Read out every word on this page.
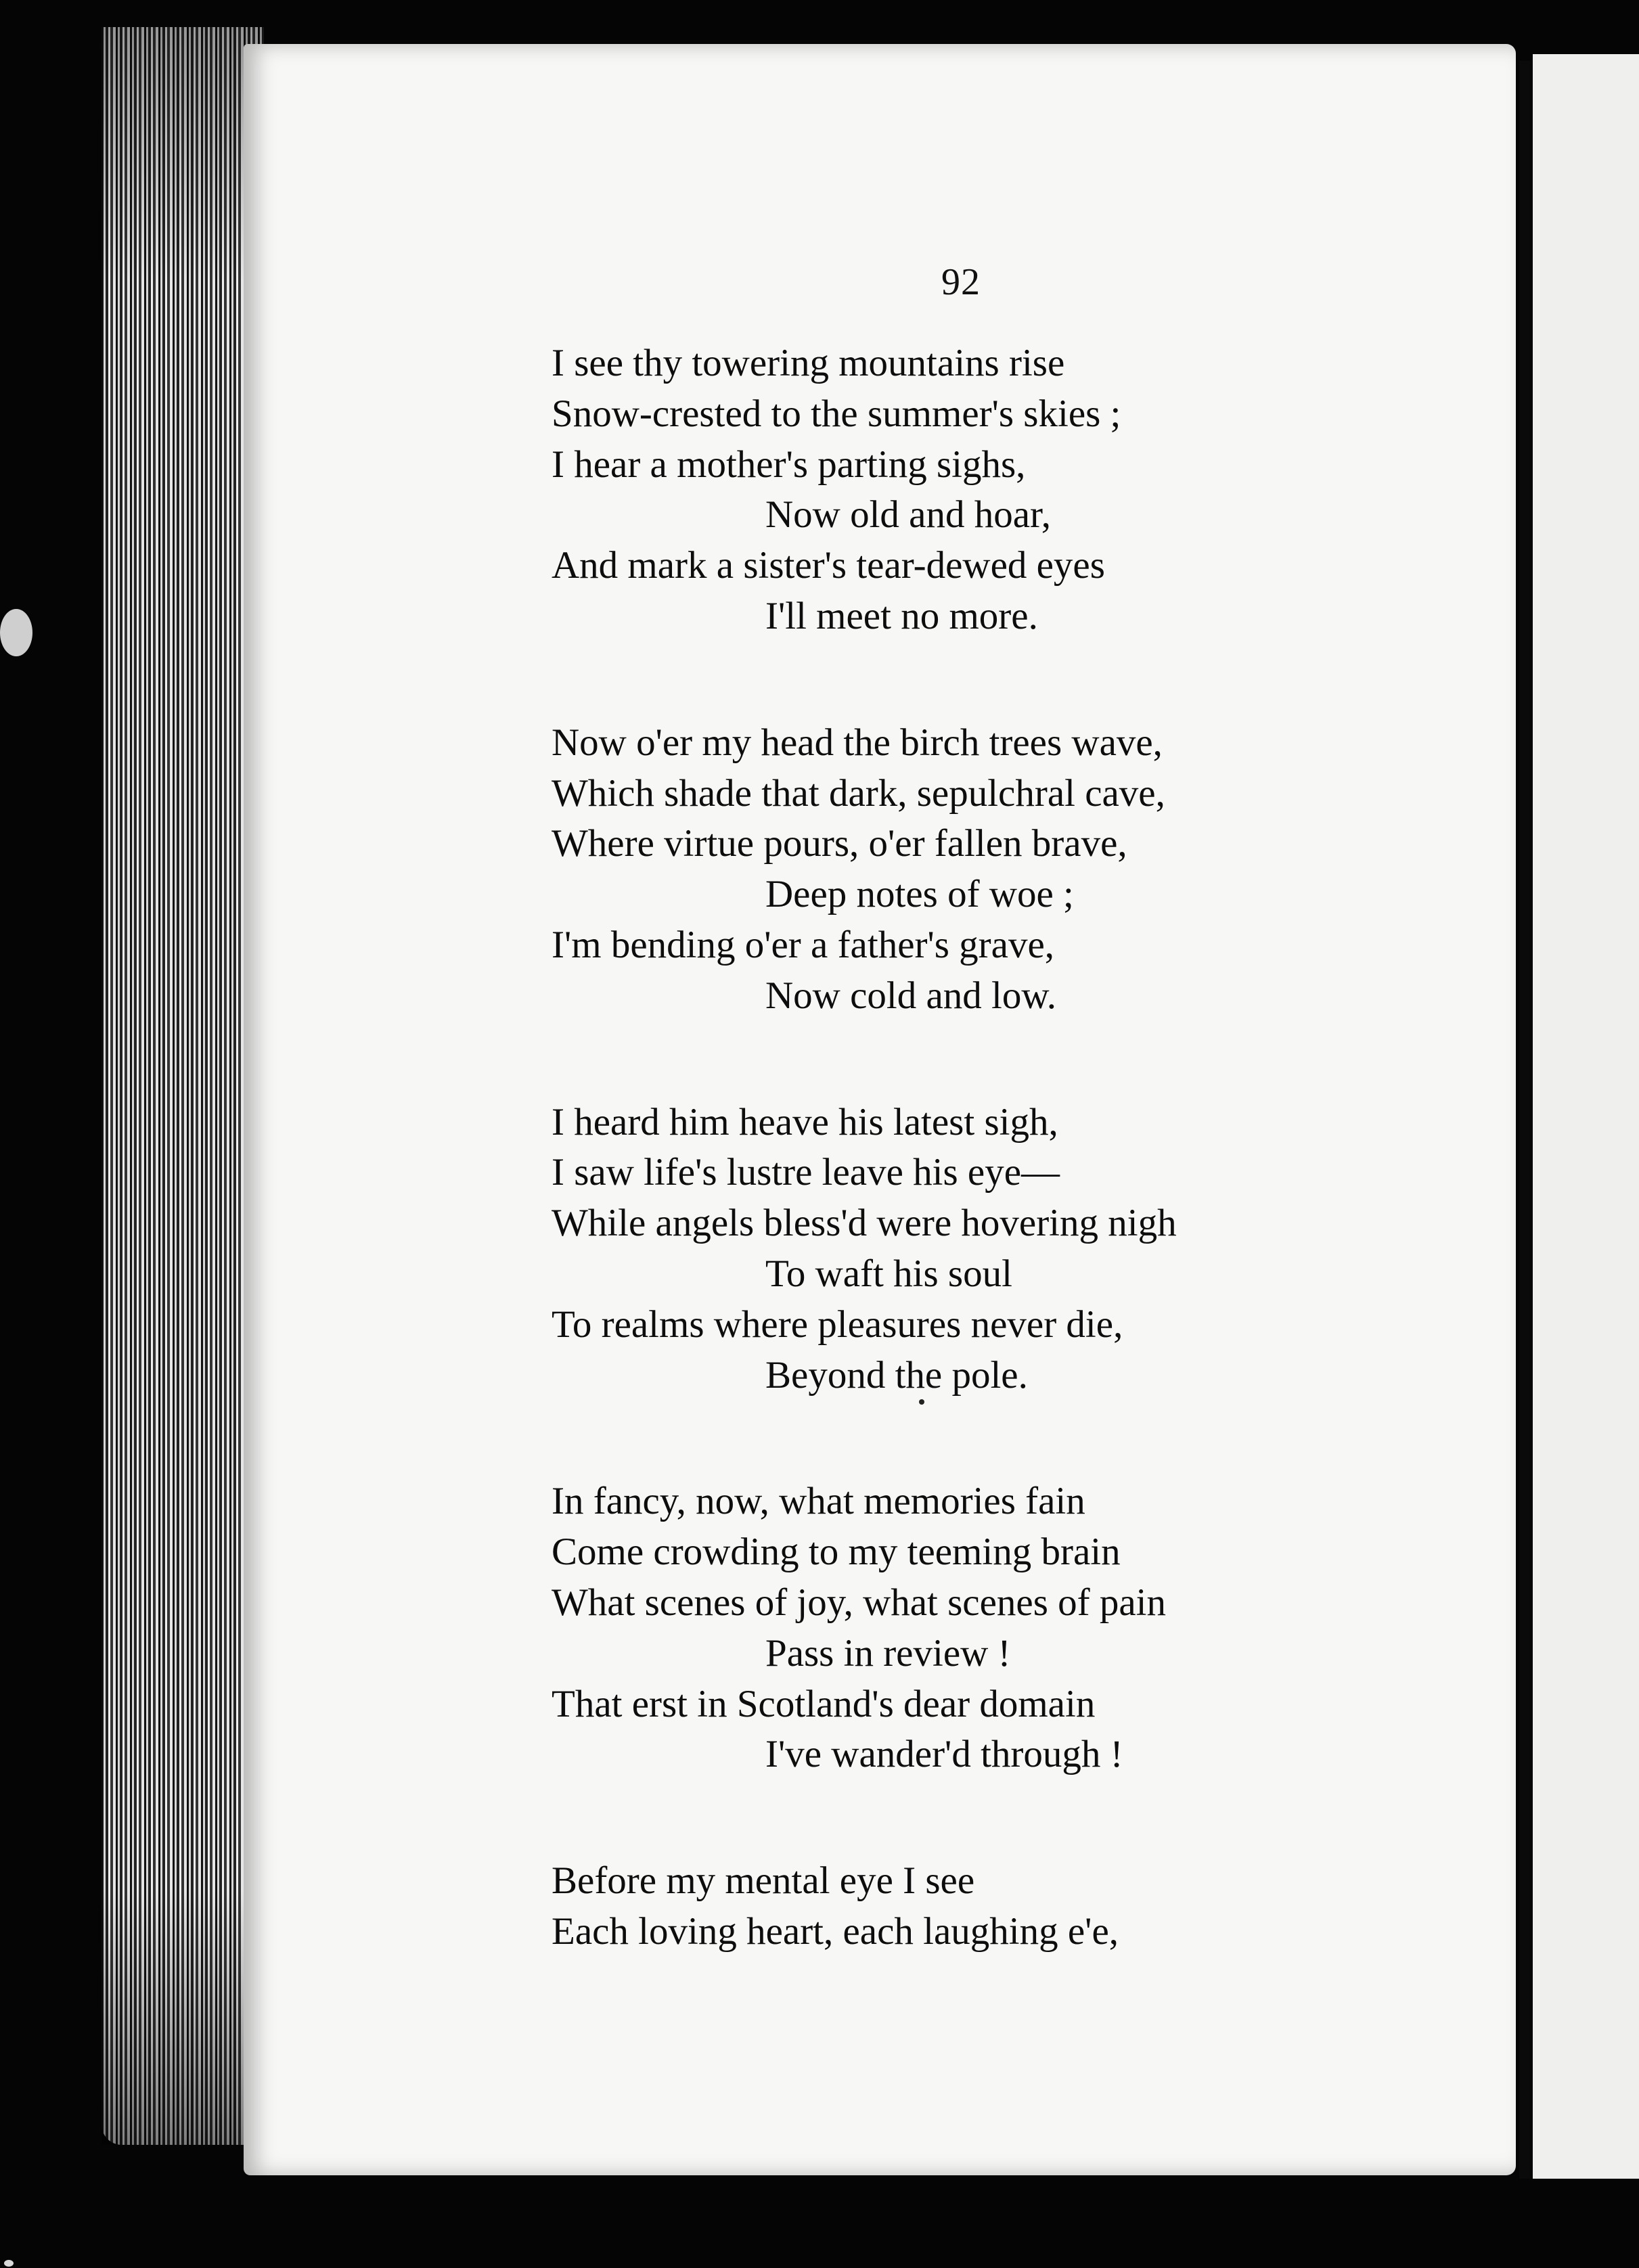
92
I see thy towering mountains rise
Snow-crested to the summer's skies ;
I hear a mother's parting sighs,
Now old and hoar,
And mark a sister's tear-dewed eyes
I'll meet no more.
Now o'er my head the birch trees wave,
Which shade that dark, sepulchral cave,
Where virtue pours, o'er fallen brave,
Deep notes of woe ;
I'm bending o'er a father's grave,
Now cold and low.
I heard him heave his latest sigh,
I saw life's lustre leave his eye—
While angels bless'd were hovering nigh
To waft his soul
To realms where pleasures never die,
Beyond the pole.
In fancy, now, what memories fain
Come crowding to my teeming brain
What scenes of joy, what scenes of pain
Pass in review !
That erst in Scotland's dear domain
I've wander'd through !
Before my mental eye I see
Each loving heart, each laughing e'e,
